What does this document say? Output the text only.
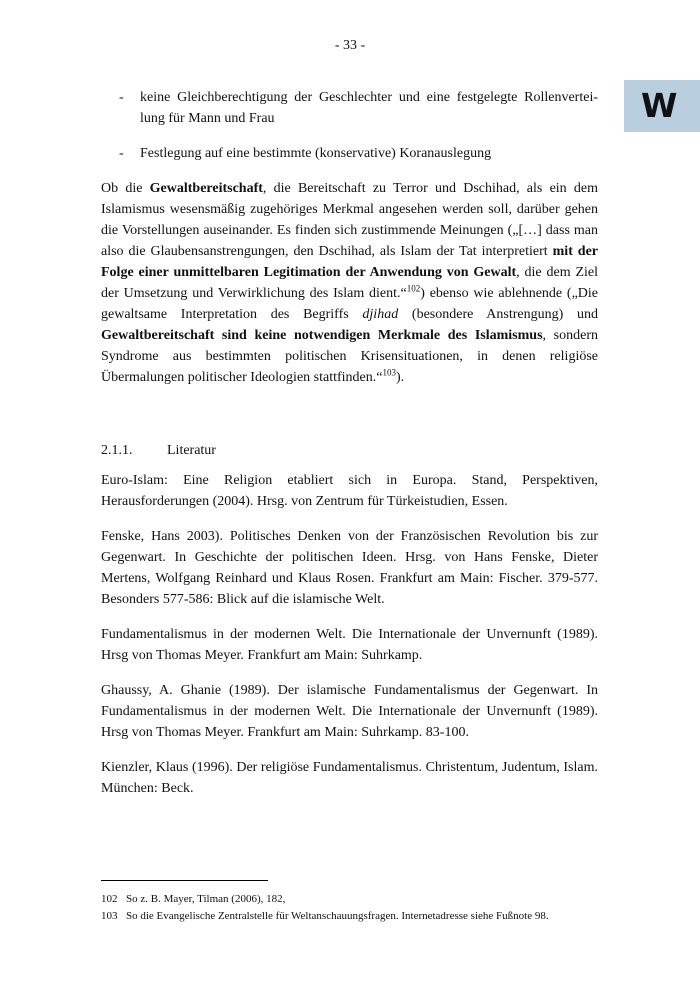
- 33 -
W
- keine Gleichberechtigung der Geschlechter und eine festgelegte Rollenvertei-lung für Mann und Frau
- Festlegung auf eine bestimmte (konservative) Koranauslegung
Ob die Gewaltbereitschaft, die Bereitschaft zu Terror und Dschihad, als ein dem Islamismus wesensmäßig zugehöriges Merkmal angesehen werden soll, darüber gehen die Vorstellungen auseinander. Es finden sich zustimmende Meinungen („[…] dass man also die Glaubensanstrengungen, den Dschihad, als Islam der Tat interpretiert mit der Folge einer unmittelbaren Legitimation der Anwendung von Gewalt, die dem Ziel der Umsetzung und Verwirklichung des Islam dient.“$^{102}$) ebenso wie ablehnende („Die gewaltsame Interpretation des Begriffs djihad (besondere Anstrengung) und Gewaltbereitschaft sind keine notwendigen Merkmale des Islamismus, sondern Syndrome aus bestimmten politischen Krisensituationen, in denen religiöse Übermalungen politischer Ideologien stattfinden.“$^{103}$).
2.1.1. Literatur
Euro-Islam: Eine Religion etabliert sich in Europa. Stand, Perspektiven, Herausforderungen (2004). Hrsg. von Zentrum für Türkeistudien, Essen.
Fenske, Hans 2003). Politisches Denken von der Französischen Revolution bis zur Gegenwart. In Geschichte der politischen Ideen. Hrsg. von Hans Fenske, Dieter Mertens, Wolfgang Reinhard und Klaus Rosen. Frankfurt am Main: Fischer. 379-577. Besonders 577-586: Blick auf die islamische Welt.
Fundamentalismus in der modernen Welt. Die Internationale der Unvernunft (1989). Hrsg von Thomas Meyer. Frankfurt am Main: Suhrkamp.
Ghaussy, A. Ghanie (1989). Der islamische Fundamentalismus der Gegenwart. In Fundamentalismus in der modernen Welt. Die Internationale der Unvernunft (1989). Hrsg von Thomas Meyer. Frankfurt am Main: Suhrkamp. 83-100.
Kienzler, Klaus (1996). Der religiöse Fundamentalismus. Christentum, Judentum, Islam. München: Beck.
102 So z. B. Mayer, Tilman (2006), 182,
103 So die Evangelische Zentralstelle für Weltanschauungsfragen. Internetadresse siehe Fußnote 98.
